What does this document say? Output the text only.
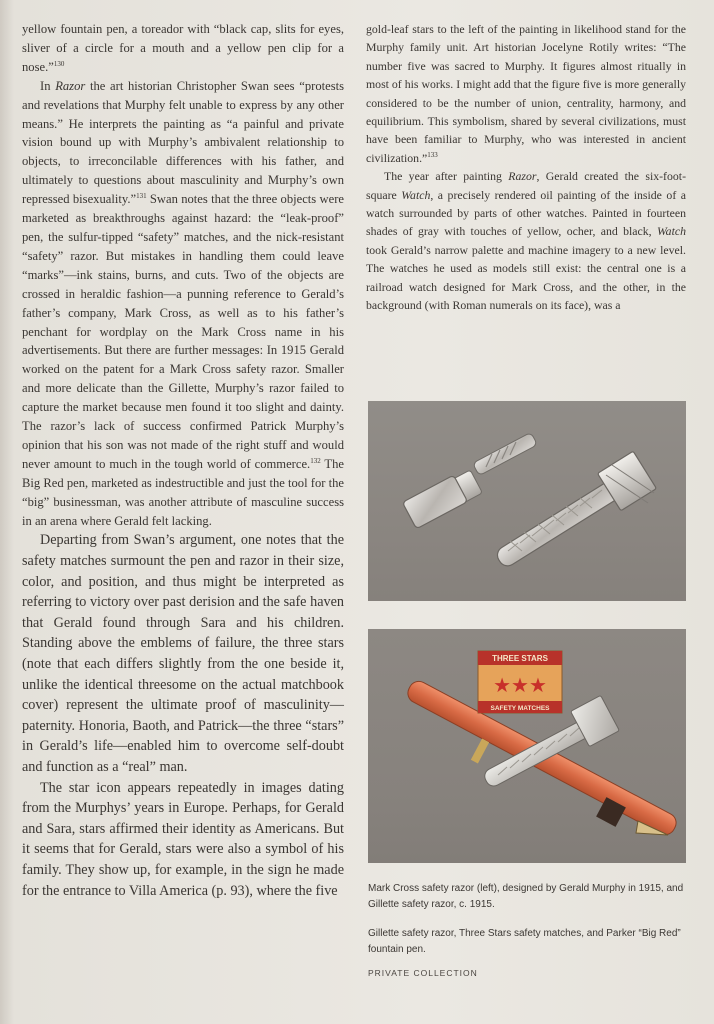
yellow fountain pen, a toreador with “black cap, slits for eyes, sliver of a circle for a mouth and a yellow pen clip for a nose.”$^{130}$

In Razor the art historian Christopher Swan sees “protests and revelations that Murphy felt unable to express by any other means.” He interprets the painting as “a painful and private vision bound up with Murphy’s ambivalent relationship to objects, to irreconcilable differences with his father, and ultimately to questions about masculinity and Murphy’s own repressed bisexuality.”$^{131}$ Swan notes that the three objects were marketed as breakthroughs against hazard: the “leak-proof” pen, the sulfur-tipped “safety” matches, and the nick-resistant “safety” razor. But mistakes in handling them could leave “marks”—ink stains, burns, and cuts. Two of the objects are crossed in heraldic fashion—a punning reference to Gerald’s father’s company, Mark Cross, as well as to his father’s penchant for wordplay on the Mark Cross name in his advertisements. But there are further messages: In 1915 Gerald worked on the patent for a Mark Cross safety razor. Smaller and more delicate than the Gillette, Murphy’s razor failed to capture the market because men found it too slight and dainty. The razor’s lack of success confirmed Patrick Murphy’s opinion that his son was not made of the right stuff and would never amount to much in the tough world of commerce.$^{132}$ The Big Red pen, marketed as indestructible and just the tool for the “big” businessman, was another attribute of masculine success in an arena where Gerald felt lacking.

Departing from Swan’s argument, one notes that the safety matches surmount the pen and razor in their size, color, and position, and thus might be interpreted as referring to victory over past derision and the safe haven that Gerald found through Sara and his children. Standing above the emblems of failure, the three stars (note that each differs slightly from the one beside it, unlike the identical threesome on the actual matchbook cover) represent the ultimate proof of masculinity—paternity. Honoria, Baoth, and Patrick—the three “stars” in Gerald’s life—enabled him to overcome self-doubt and function as a “real” man.

The star icon appears repeatedly in images dating from the Murphys’ years in Europe. Perhaps, for Gerald and Sara, stars affirmed their identity as Americans. But it seems that for Gerald, stars were also a symbol of his family. They show up, for example, in the sign he made for the entrance to Villa America (p. 93), where the five

gold-leaf stars to the left of the painting in likelihood stand for the Murphy family unit. Art historian Jocelyne Rotily writes: “The number five was sacred to Murphy. It figures almost ritually in most of his works. I might add that the figure five is more generally considered to be the number of union, centrality, harmony, and equilibrium. This symbolism, shared by several civilizations, must have been familiar to Murphy, who was interested in ancient civilization.”$^{133}$

The year after painting Razor, Gerald created the six-foot-square Watch, a precisely rendered oil painting of the inside of a watch surrounded by parts of other watches. Painted in fourteen shades of gray with touches of yellow, ocher, and black, Watch took Gerald’s narrow palette and machine imagery to a new level. The watches he used as models still exist: the central one is a railroad watch designed for Mark Cross, and the other, in the background (with Roman numerals on its face), was a

THREE STARS
★★★
SAFETY MATCHES
Mark Cross safety razor (left), designed by Gerald Murphy in 1915, and Gillette safety razor, c. 1915.
Gillette safety razor, Three Stars safety matches, and Parker “Big Red” fountain pen.
PRIVATE COLLECTION
